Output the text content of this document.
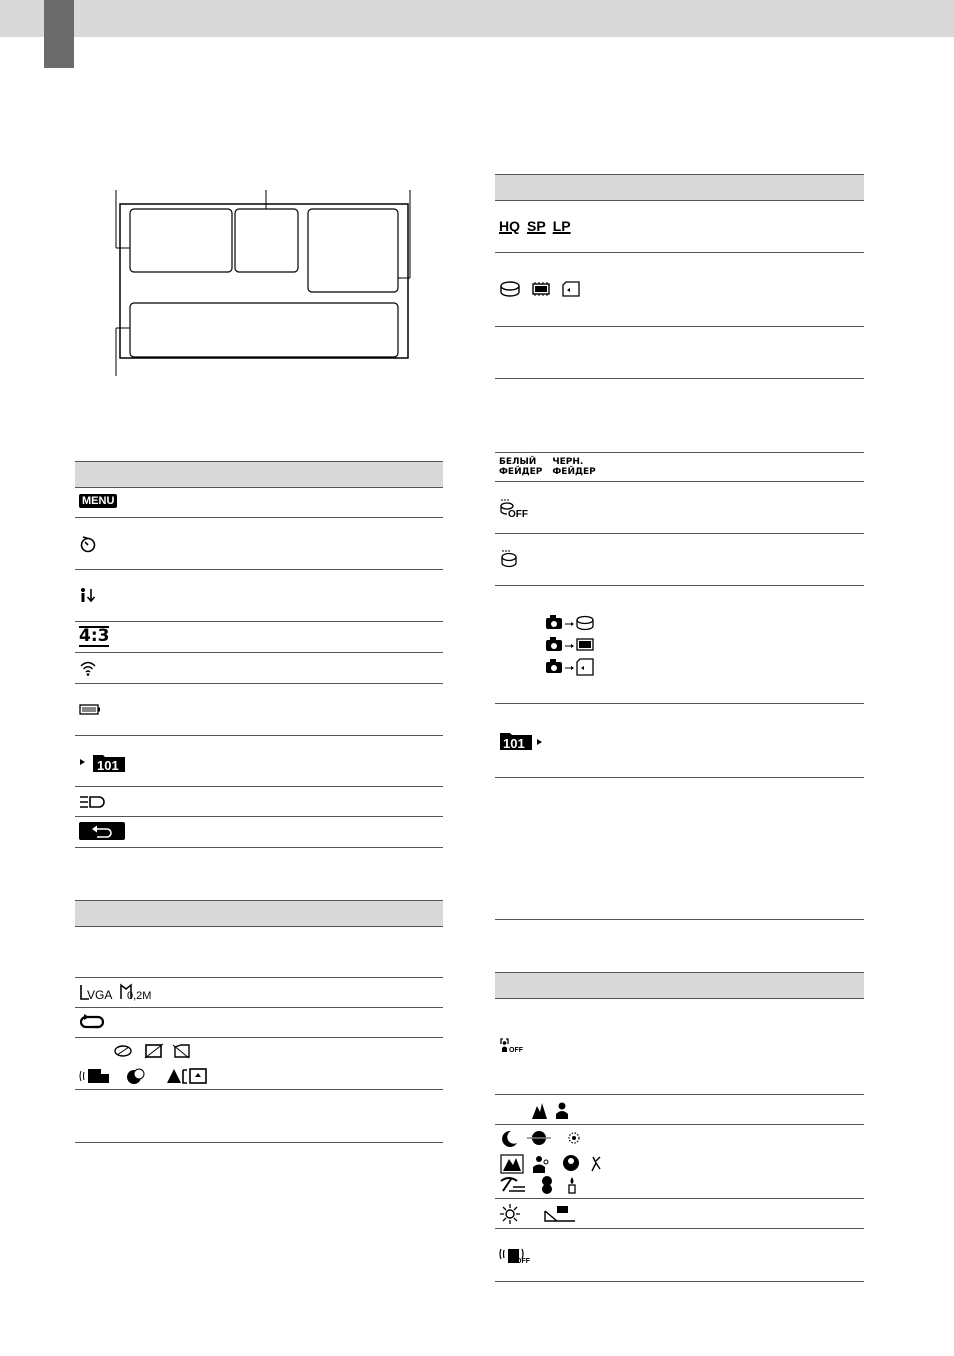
MENU
4:3
101
VGA 0,2M
HQ SP LP
БЕЛЫЙ
ФЕЙДЕР
ЧЕРН.
ФЕЙДЕР
OFF
101
OFF
OFF
